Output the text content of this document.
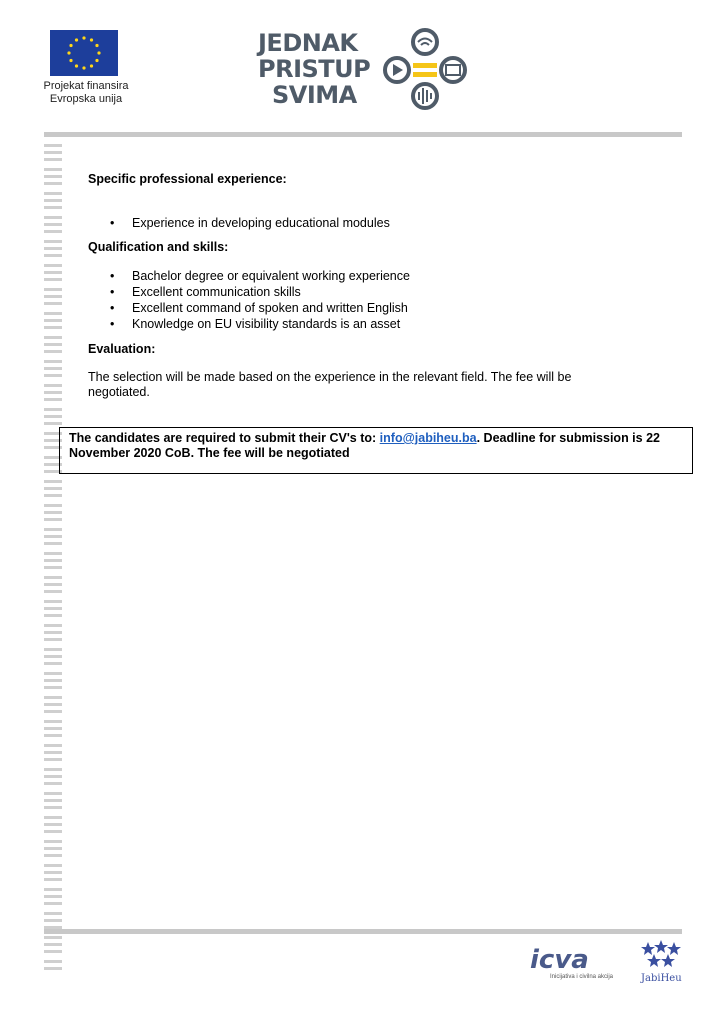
Projekat finansira
Evropska unija
JEDNAK
PRISTUP
SVIMA
Specific professional experience:
• Experience in developing educational modules
Qualification and skills:
• Bachelor degree or equivalent working experience
• Excellent communication skills
• Excellent command of spoken and written English
• Knowledge on EU visibility standards is an asset
Evaluation:
The selection will be made based on the experience in the relevant field. The fee will be negotiated.
The candidates are required to submit their CV's to: info@jabiheu.ba. Deadline for submission is 22 November 2020 CoB. The fee will be negotiated
icva
Inicijativa i civilna akcija	JabiHeu
